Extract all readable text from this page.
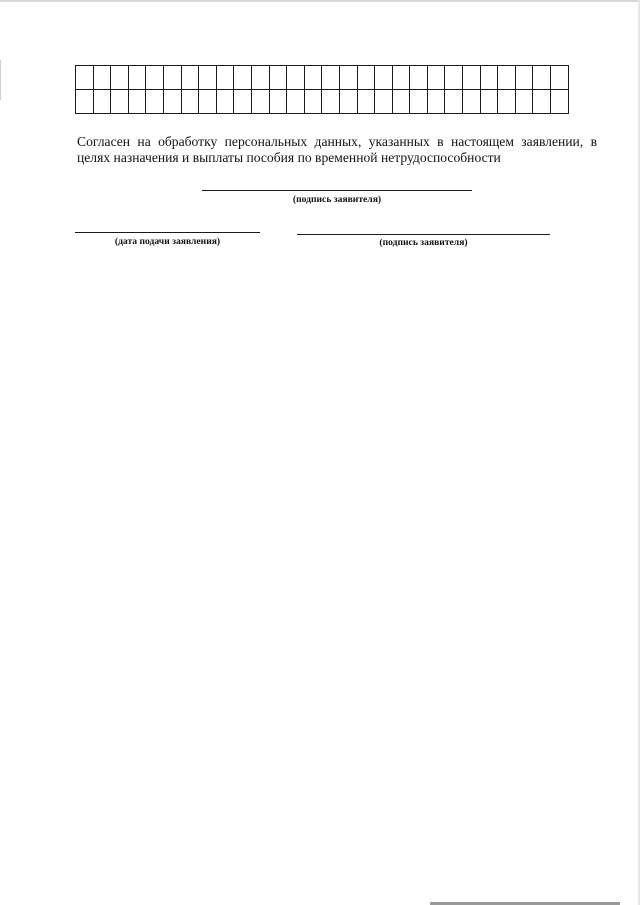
Согласен на обработку персональных данных, указанных в настоящем заявлении, в целях назначения и выплаты пособия по временной нетрудоспособности

(подпись заявителя)

(дата подачи заявления)	(подпись заявителя)
